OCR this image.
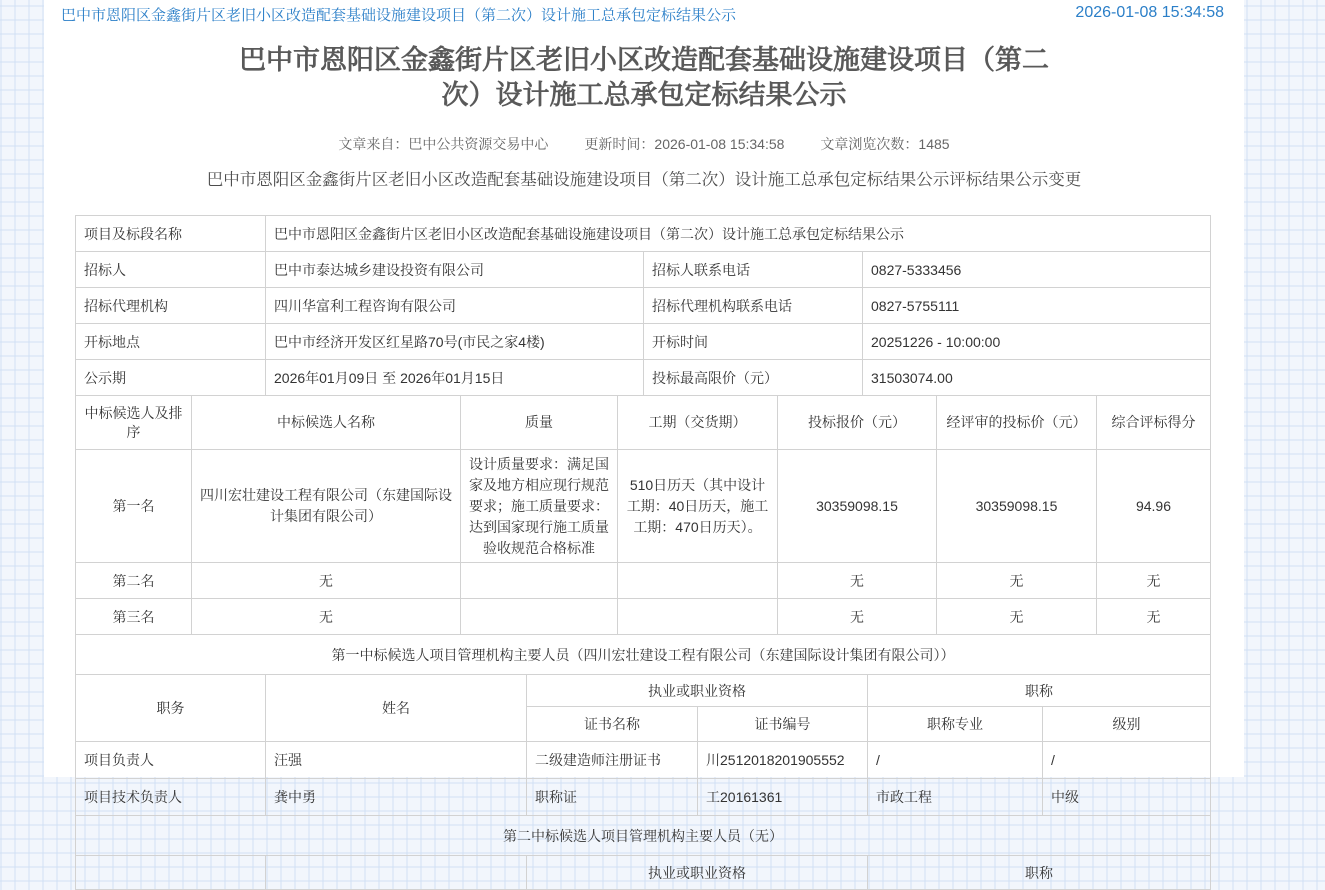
巴中市恩阳区金鑫街片区老旧小区改造配套基础设施建设项目（第二次）设计施工总承包定标结果公示	2026-01-08 15:34:58
巴中市恩阳区金鑫街片区老旧小区改造配套基础设施建设项目（第二次）设计施工总承包定标结果公示
文章来自：巴中公共资源交易中心	更新时间：2026-01-08 15:34:58	文章浏览次数：1485
巴中市恩阳区金鑫街片区老旧小区改造配套基础设施建设项目（第二次）设计施工总承包定标结果公示评标结果公示变更
项目及标段名称	巴中市恩阳区金鑫街片区老旧小区改造配套基础设施建设项目（第二次）设计施工总承包定标结果公示		
招标人	巴中市泰达城乡建设投资有限公司	招标人联系电话	0827-5333456
招标代理机构	四川华富利工程咨询有限公司	招标代理机构联系电话	0827-5755111
开标地点	巴中市经济开发区红星路70号(市民之家4楼)	开标时间	20251226 - 10:00:00
公示期	2026年01月09日 至 2026年01月15日	投标最高限价（元）	31503074.00
中标候选人及排序	中标候选人名称	质量	工期（交货期）	投标报价（元）	经评审的投标价（元）	综合评标得分
第一名	四川宏壮建设工程有限公司（东建国际设计集团有限公司）	设计质量要求：满足国家及地方相应现行规范要求；施工质量要求：达到国家现行施工质量验收规范合格标准	510日历天（其中设计工期：40日历天，施工工期：470日历天）。	30359098.15	30359098.15	94.96
第二名	无			无	无	无
第三名	无			无	无	无
第一中标候选人项目管理机构主要人员（四川宏壮建设工程有限公司（东建国际设计集团有限公司））						
职务	姓名	执业或职业资格		职称	
		证书名称	证书编号	职称专业	级别
项目负责人	汪强	二级建造师注册证书	川2512018201905552	/	/
项目技术负责人	龚中勇	职称证	工20161361	市政工程	中级
第二中标候选人项目管理机构主要人员（无）					
		执业或职业资格	职称
